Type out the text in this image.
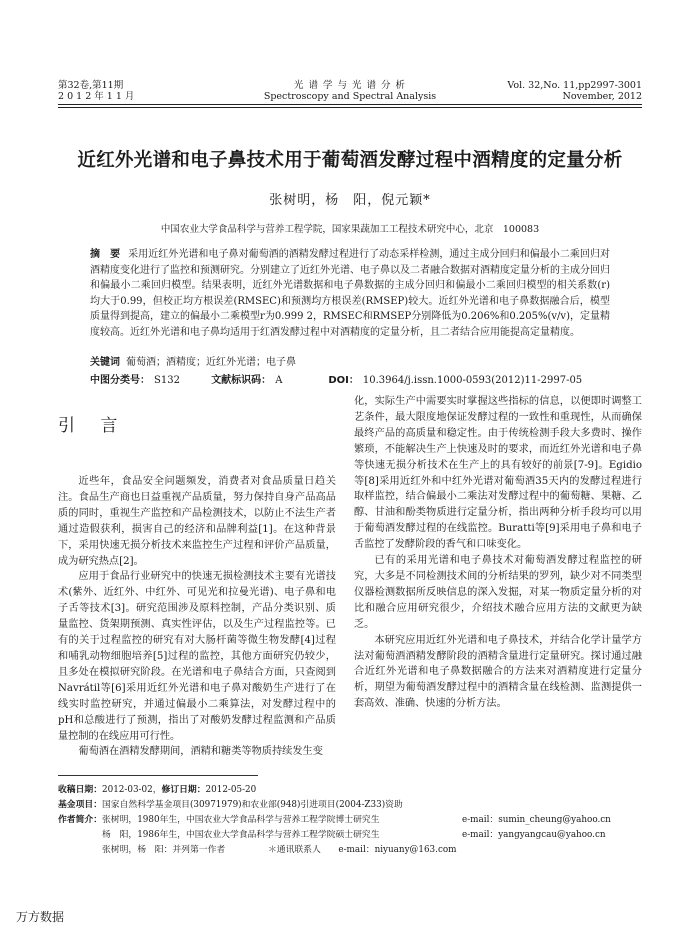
第32卷,第11期
2 0 1 2 年 1 1 月
光 谱 学 与 光 谱 分 析
Spectroscopy and Spectral Analysis
Vol. 32,No. 11,pp2997-3001
November, 2012
近红外光谱和电子鼻技术用于葡萄酒发酵过程中酒精度的定量分析
张树明，杨　阳，倪元颖*
中国农业大学食品科学与营养工程学院，国家果蔬加工工程技术研究中心，北京　100083
摘　要 采用近红外光谱和电子鼻对葡萄酒的酒精发酵过程进行了动态采样检测，通过主成分回归和偏最小二乘回归对酒精度变化进行了监控和预测研究。分别建立了近红外光谱、电子鼻以及二者融合数据对酒精度定量分析的主成分回归和偏最小二乘回归模型。结果表明，近红外光谱数据和电子鼻数据的主成分回归和偏最小二乘回归模型的相关系数(r)均大于0.99，但校正均方根误差(RMSEC)和预测均方根误差(RMSEP)较大。近红外光谱和电子鼻数据融合后，模型质量得到提高，建立的偏最小二乘模型r为0.999 2，RMSEC和RMSEP分别降低为0.206%和0.205%(v/v)，定量精度较高。近红外光谱和电子鼻均适用于红酒发酵过程中对酒精度的定量分析，且二者结合应用能提高定量精度。
关键词 葡萄酒；酒精度；近红外光谱；电子鼻
中图分类号： S132	文献标识码： A	DOI： 10.3964/j.issn.1000-0593(2012)11-2997-05
引 言

近些年，食品安全问题频发，消费者对食品质量日趋关注。食品生产商也日益重视产品质量，努力保持自身产品高品质的同时，重视生产监控和产品检测技术，以防止不法生产者通过造假获利，损害自己的经济和品牌利益[1]。在这种背景下，采用快速无损分析技术来监控生产过程和评价产品质量，成为研究热点[2]。

应用于食品行业研究中的快速无损检测技术主要有光谱技术(紫外、近红外、中红外、可见光和拉曼光谱)、电子鼻和电子舌等技术[3]。研究范围涉及原料控制，产品分类识别、质量监控、货架期预测、真实性评估，以及生产过程监控等。已有的关于过程监控的研究有对大肠杆菌等微生物发酵[4]过程和哺乳动物细胞培养[5]过程的监控，其他方面研究仍较少，且多处在模拟研究阶段。在光谱和电子鼻结合方面，只查阅到Navrátil等[6]采用近红外光谱和电子鼻对酸奶生产进行了在线实时监控研究，并通过偏最小二乘算法，对发酵过程中的pH和总酸进行了预测，指出了对酸奶发酵过程监测和产品质量控制的在线应用可行性。

葡萄酒在酒精发酵期间，酒精和糖类等物质持续发生变

化，实际生产中需要实时掌握这些指标的信息，以便即时调整工艺条件，最大限度地保证发酵过程的一致性和重现性，从而确保最终产品的高质量和稳定性。由于传统检测手段大多费时、操作繁琐，不能解决生产上快速及时的要求，而近红外光谱和电子鼻等快速无损分析技术在生产上的具有较好的前景[7-9]。Egidio等[8]采用近红外和中红外光谱对葡萄酒35天内的发酵过程进行取样监控，结合偏最小二乘法对发酵过程中的葡萄糖、果糖、乙醇、甘油和酚类物质进行定量分析，指出两种分析手段均可以用于葡萄酒发酵过程的在线监控。Buratti等[9]采用电子鼻和电子舌监控了发酵阶段的香气和口味变化。

已有的采用光谱和电子鼻技术对葡萄酒发酵过程监控的研究，大多是不同检测技术间的分析结果的罗列，缺少对不同类型仪器检测数据所反映信息的深入发掘，对某一物质定量分析的对比和融合应用研究很少，介绍技术融合应用方法的文献更为缺乏。

本研究应用近红外光谱和电子鼻技术，并结合化学计量学方法对葡萄酒酒精发酵阶段的酒精含量进行定量研究。探讨通过融合近红外光谱和电子鼻数据融合的方法来对酒精度进行定量分析，期望为葡萄酒发酵过程中的酒精含量在线检测、监测提供一套高效、准确、快速的分析方法。

收稿日期：2012-03-02，修订日期：2012-05-20
基金项目：国家自然科学基金项目(30971979)和农业部(948)引进项目(2004-Z33)资助
作者简介：张树明，1980年生，中国农业大学食品科学与营养工程学院博士研究生	e-mail：sumin_cheung@yahoo.cn
杨　阳，1986年生，中国农业大学食品科学与营养工程学院硕士研究生	e-mail：yangyangcau@yahoo.cn
张树明，杨　阳：并列第一作者	＊通讯联系人　　e-mail：niyuany@163.com
万方数据
